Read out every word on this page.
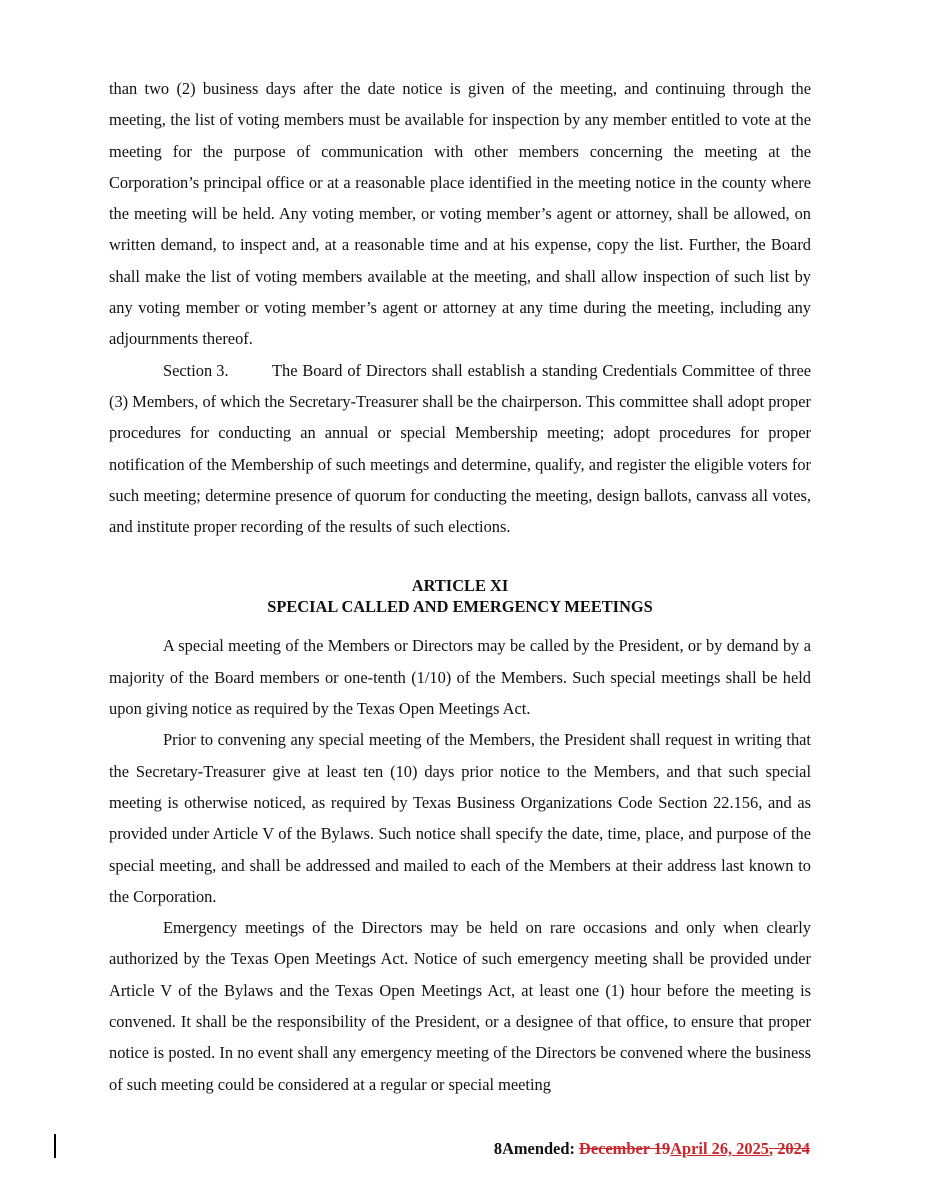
than two (2) business days after the date notice is given of the meeting, and continuing through the meeting, the list of voting members must be available for inspection by any member entitled to vote at the meeting for the purpose of communication with other members concerning the meeting at the Corporation’s principal office or at a reasonable place identified in the meeting notice in the county where the meeting will be held. Any voting member, or voting member’s agent or attorney, shall be allowed, on written demand, to inspect and, at a reasonable time and at his expense, copy the list. Further, the Board shall make the list of voting members available at the meeting, and shall allow inspection of such list by any voting member or voting member’s agent or attorney at any time during the meeting, including any adjournments thereof.

Section 3.	The Board of Directors shall establish a standing Credentials Committee of three (3) Members, of which the Secretary-Treasurer shall be the chairperson. This committee shall adopt proper procedures for conducting an annual or special Membership meeting; adopt procedures for proper notification of the Membership of such meetings and determine, qualify, and register the eligible voters for such meeting; determine presence of quorum for conducting the meeting, design ballots, canvass all votes, and institute proper recording of the results of such elections.

ARTICLE XI
SPECIAL CALLED AND EMERGENCY MEETINGS

A special meeting of the Members or Directors may be called by the President, or by demand by a majority of the Board members or one-tenth (1/10) of the Members. Such special meetings shall be held upon giving notice as required by the Texas Open Meetings Act.

Prior to convening any special meeting of the Members, the President shall request in writing that the Secretary-Treasurer give at least ten (10) days prior notice to the Members, and that such special meeting is otherwise noticed, as required by Texas Business Organizations Code Section 22.156, and as provided under Article V of the Bylaws. Such notice shall specify the date, time, place, and purpose of the special meeting, and shall be addressed and mailed to each of the Members at their address last known to the Corporation.

Emergency meetings of the Directors may be held on rare occasions and only when clearly authorized by the Texas Open Meetings Act. Notice of such emergency meeting shall be provided under Article V of the Bylaws and the Texas Open Meetings Act, at least one (1) hour before the meeting is convened. It shall be the responsibility of the President, or a designee of that office, to ensure that proper notice is posted. In no event shall any emergency meeting of the Directors be convened where the business of such meeting could be considered at a regular or special meeting

8Amended: December 19April 26, 2025, 2024
